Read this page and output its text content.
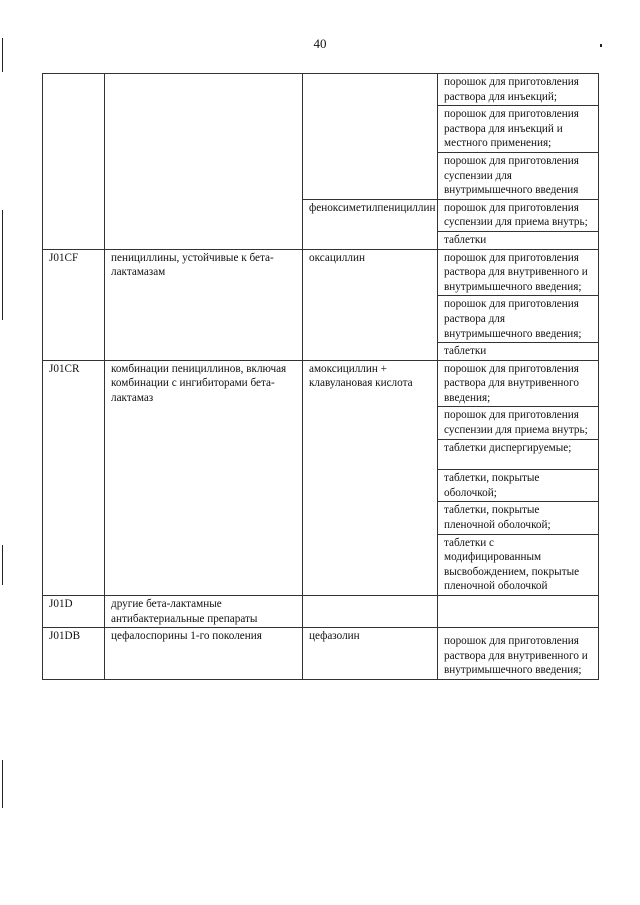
40
			порошок для приготовления раствора для инъекций;
			порошок для приготовления раствора для инъекций и местного применения;
			порошок для приготовления суспензии для внутримышечного введения
		феноксиметилпенициллин	порошок для приготовления суспензии для приема внутрь;
			таблетки
J01CF	пенициллины, устойчивые к бета-лактамазам	оксациллин	порошок для приготовления раствора для внутривенного и внутримышечного введения;
			порошок для приготовления раствора для внутримышечного введения;
			таблетки
J01CR	комбинации пенициллинов, включая комбинации с ингибиторами бета-лактамаз	амоксициллин + клавулановая кислота	порошок для приготовления раствора для внутривенного введения;
			порошок для приготовления суспензии для приема внутрь;
			таблетки диспергируемые;
			таблетки, покрытые оболочкой;
			таблетки, покрытые пленочной оболочкой;
			таблетки с модифицированным высвобождением, покрытые пленочной оболочкой
J01D	другие бета-лактамные антибактериальные препараты		
J01DB	цефалоспорины 1-го поколения	цефазолин	порошок для приготовления раствора для внутривенного и внутримышечного введения;
